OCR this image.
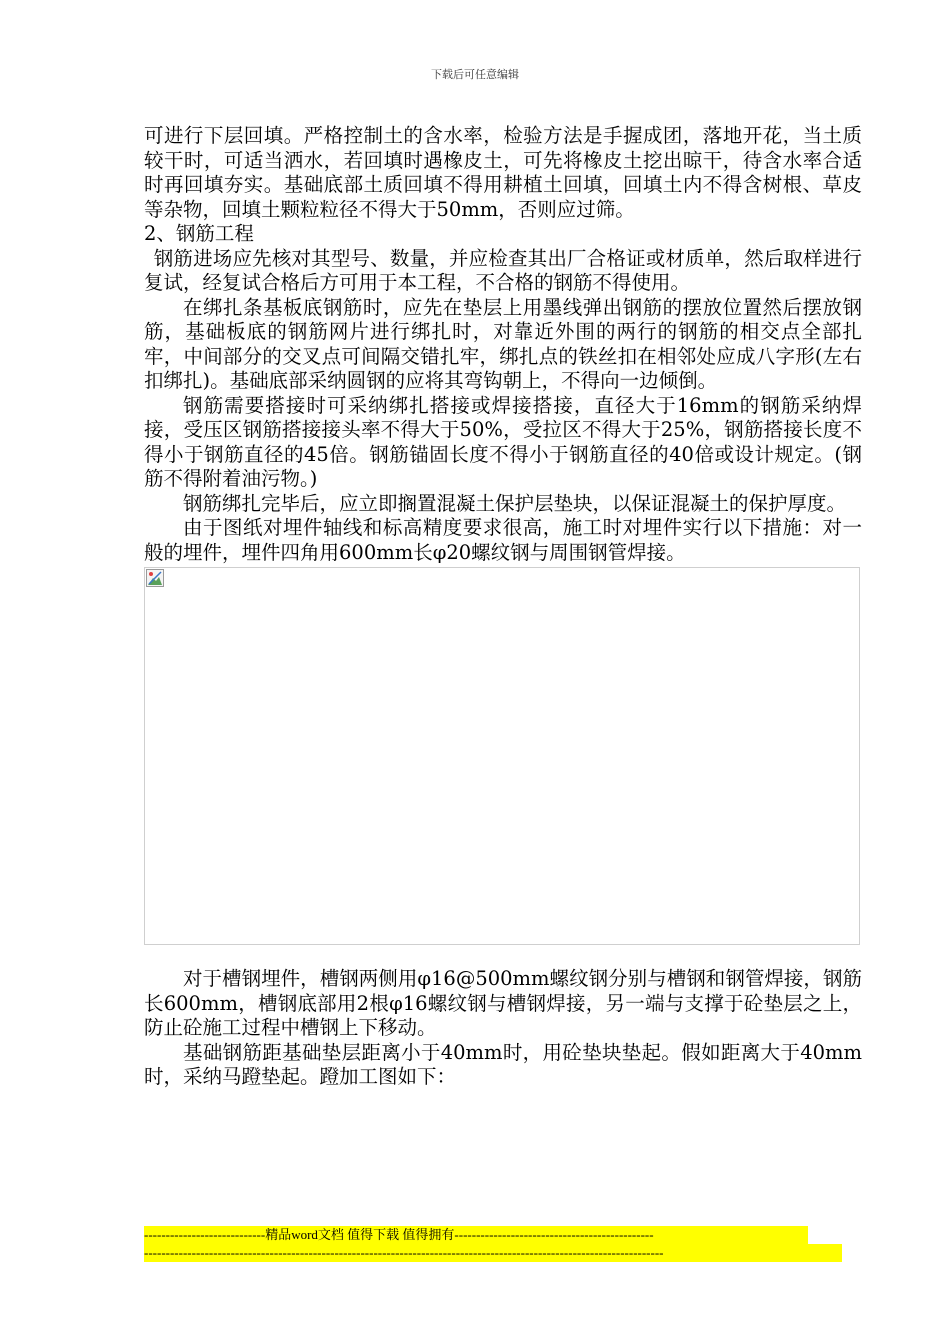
下载后可任意编辑

可进行下层回填。严格控制土的含水率，检验方法是手握成团，落地开花，当土质较干时，可适当洒水，若回填时遇橡皮土，可先将橡皮土挖出晾干，待含水率合适时再回填夯实。基础底部土质回填不得用耕植土回填，回填土内不得含树根、草皮等杂物，回填土颗粒粒径不得大于50mm，否则应过筛。

2、钢筋工程

钢筋进场应先核对其型号、数量，并应检查其出厂合格证或材质单，然后取样进行复试，经复试合格后方可用于本工程，不合格的钢筋不得使用。

在绑扎条基板底钢筋时，应先在垫层上用墨线弹出钢筋的摆放位置然后摆放钢筋，基础板底的钢筋网片进行绑扎时，对靠近外围的两行的钢筋的相交点全部扎牢，中间部分的交叉点可间隔交错扎牢，绑扎点的铁丝扣在相邻处应成八字形(左右扣绑扎)。基础底部采纳圆钢的应将其弯钩朝上，不得向一边倾倒。

钢筋需要搭接时可采纳绑扎搭接或焊接搭接，直径大于16mm的钢筋采纳焊接，受压区钢筋搭接接头率不得大于50%，受拉区不得大于25%，钢筋搭接长度不得小于钢筋直径的45倍。钢筋锚固长度不得小于钢筋直径的40倍或设计规定。(钢筋不得附着油污物。)

钢筋绑扎完毕后，应立即搁置混凝土保护层垫块，以保证混凝土的保护厚度。

由于图纸对埋件轴线和标高精度要求很高，施工时对埋件实行以下措施：对一般的埋件，埋件四角用600mm长φ20螺纹钢与周围钢管焊接。

对于槽钢埋件，槽钢两侧用φ16@500mm螺纹钢分别与槽钢和钢管焊接，钢筋长600mm，槽钢底部用2根φ16螺纹钢与槽钢焊接，另一端与支撑于砼垫层之上，防止砼施工过程中槽钢上下移动。

基础钢筋距基础垫层距离小于40mm时，用砼垫块垫起。假如距离大于40mm时，采纳马蹬垫起。蹬加工图如下：

----------------------------精品word文档 值得下载 值得拥有----------------------------------------------
------------------------------------------------------------------------------------------------------------------------
